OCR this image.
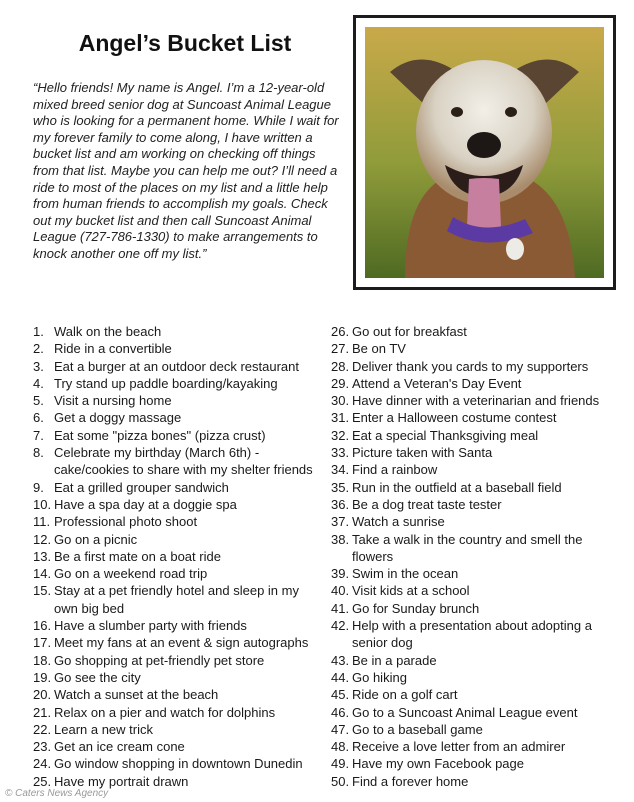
Angel’s Bucket List
“Hello friends! My name is Angel. I’m a 12-year-old mixed breed senior dog at Suncoast Animal League who is looking for a permanent home. While I wait for my forever family to come along, I have written a bucket list and am working on checking off things from that list. Maybe you can help me out? I’ll need a ride to most of the places on my list and a little help from human friends to accomplish my goals. Check out my bucket list and then call Suncoast Animal League (727-786-1330) to make arrangements to knock another one off my list.”
1. Walk on the beach
2. Ride in a convertible
3. Eat a burger at an outdoor deck restaurant
4. Try stand up paddle boarding/kayaking
5. Visit a nursing home
6. Get a doggy massage
7. Eat some "pizza bones" (pizza crust)
8. Celebrate my birthday (March 6th) - cake/cookies to share with my shelter friends
9. Eat a grilled grouper sandwich
10. Have a spa day at a doggie spa
11. Professional photo shoot
12. Go on a picnic
13. Be a first mate on a boat ride
14. Go on a weekend road trip
15. Stay at a pet friendly hotel and sleep in my own big bed
16. Have a slumber party with friends
17. Meet my fans at an event & sign autographs
18. Go shopping at pet-friendly pet store
19. Go see the city
20. Watch a sunset at the beach
21. Relax on a pier and watch for dolphins
22. Learn a new trick
23. Get an ice cream cone
24. Go window shopping in downtown Dunedin
25. Have my portrait drawn
26. Go out for breakfast
27. Be on TV
28. Deliver thank you cards to my supporters
29. Attend a Veteran's Day Event
30. Have dinner with a veterinarian and friends
31. Enter a Halloween costume contest
32. Eat a special Thanksgiving meal
33. Picture taken with Santa
34. Find a rainbow
35. Run in the outfield at a baseball field
36. Be a dog treat taste tester
37. Watch a sunrise
38. Take a walk in the country and smell the flowers
39. Swim in the ocean
40. Visit kids at a school
41. Go for Sunday brunch
42. Help with a presentation about adopting a senior dog
43. Be in a parade
44. Go hiking
45. Ride on a golf cart
46. Go to a Suncoast Animal League event
47. Go to a baseball game
48. Receive a love letter from an admirer
49. Have my own Facebook page
50. Find a forever home
© Caters News Agency
